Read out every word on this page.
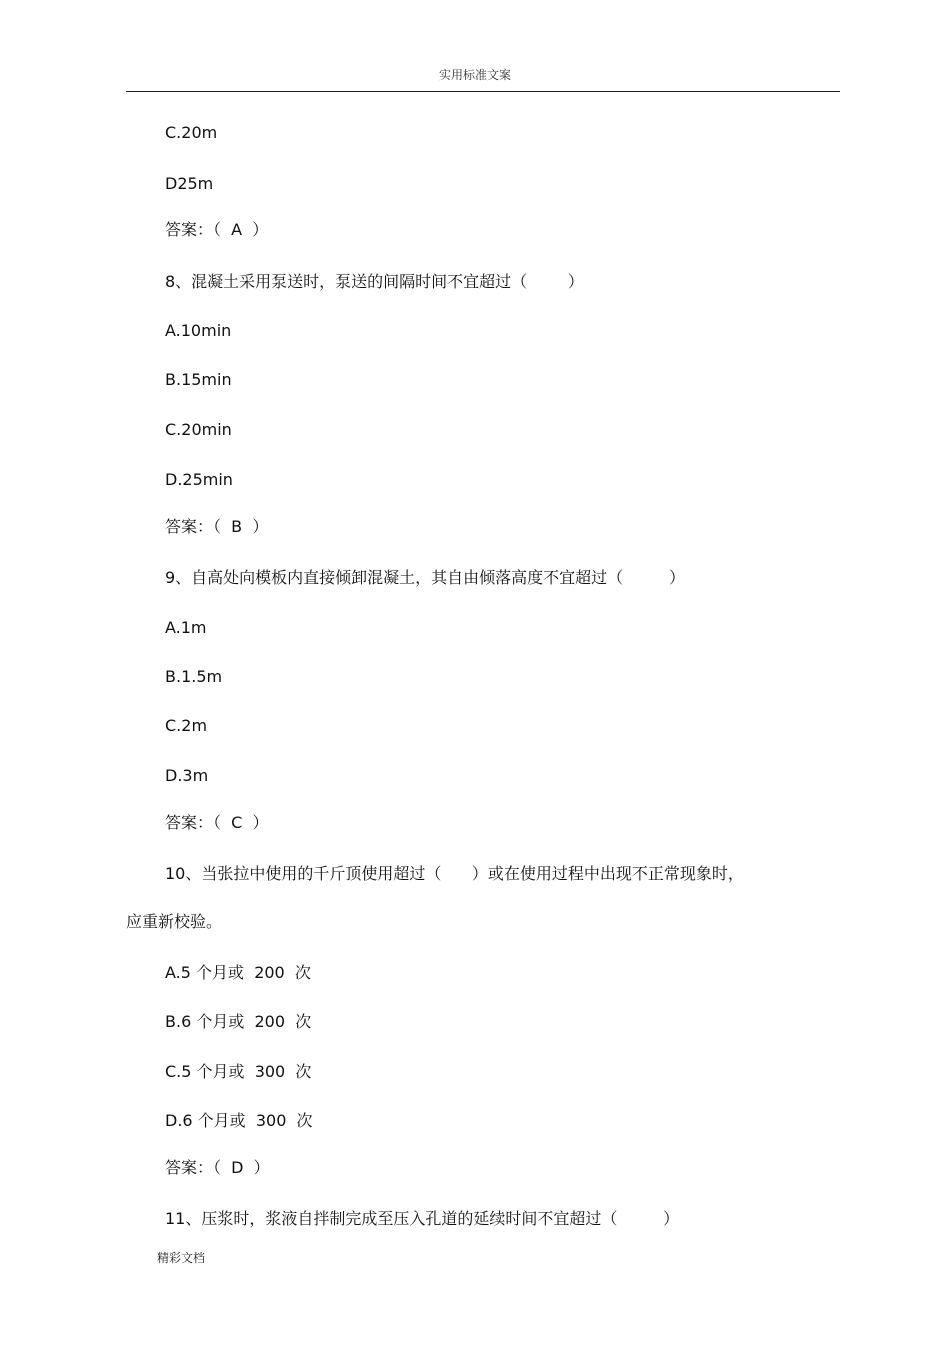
实用标准文案
C.20m
D25m
答案：（  A  ）
8、混凝土采用泵送时，泵送的间隔时间不宜超过（        ）
A.10min
B.15min
C.20min
D.25min
答案：（  B  ）
9、自高处向模板内直接倾卸混凝土，其自由倾落高度不宜超过（         ）
A.1m
B.1.5m
C.2m
D.3m
答案：（  C  ）
10、当张拉中使用的千斤顶使用超过（      ）或在使用过程中出现不正常现象时，
应重新校验。
A.5 个月或  200  次
B.6 个月或  200  次
C.5 个月或  300  次
D.6 个月或  300  次
答案：（  D  ）
11、压浆时，浆液自拌制完成至压入孔道的延续时间不宜超过（         ）
精彩文档
